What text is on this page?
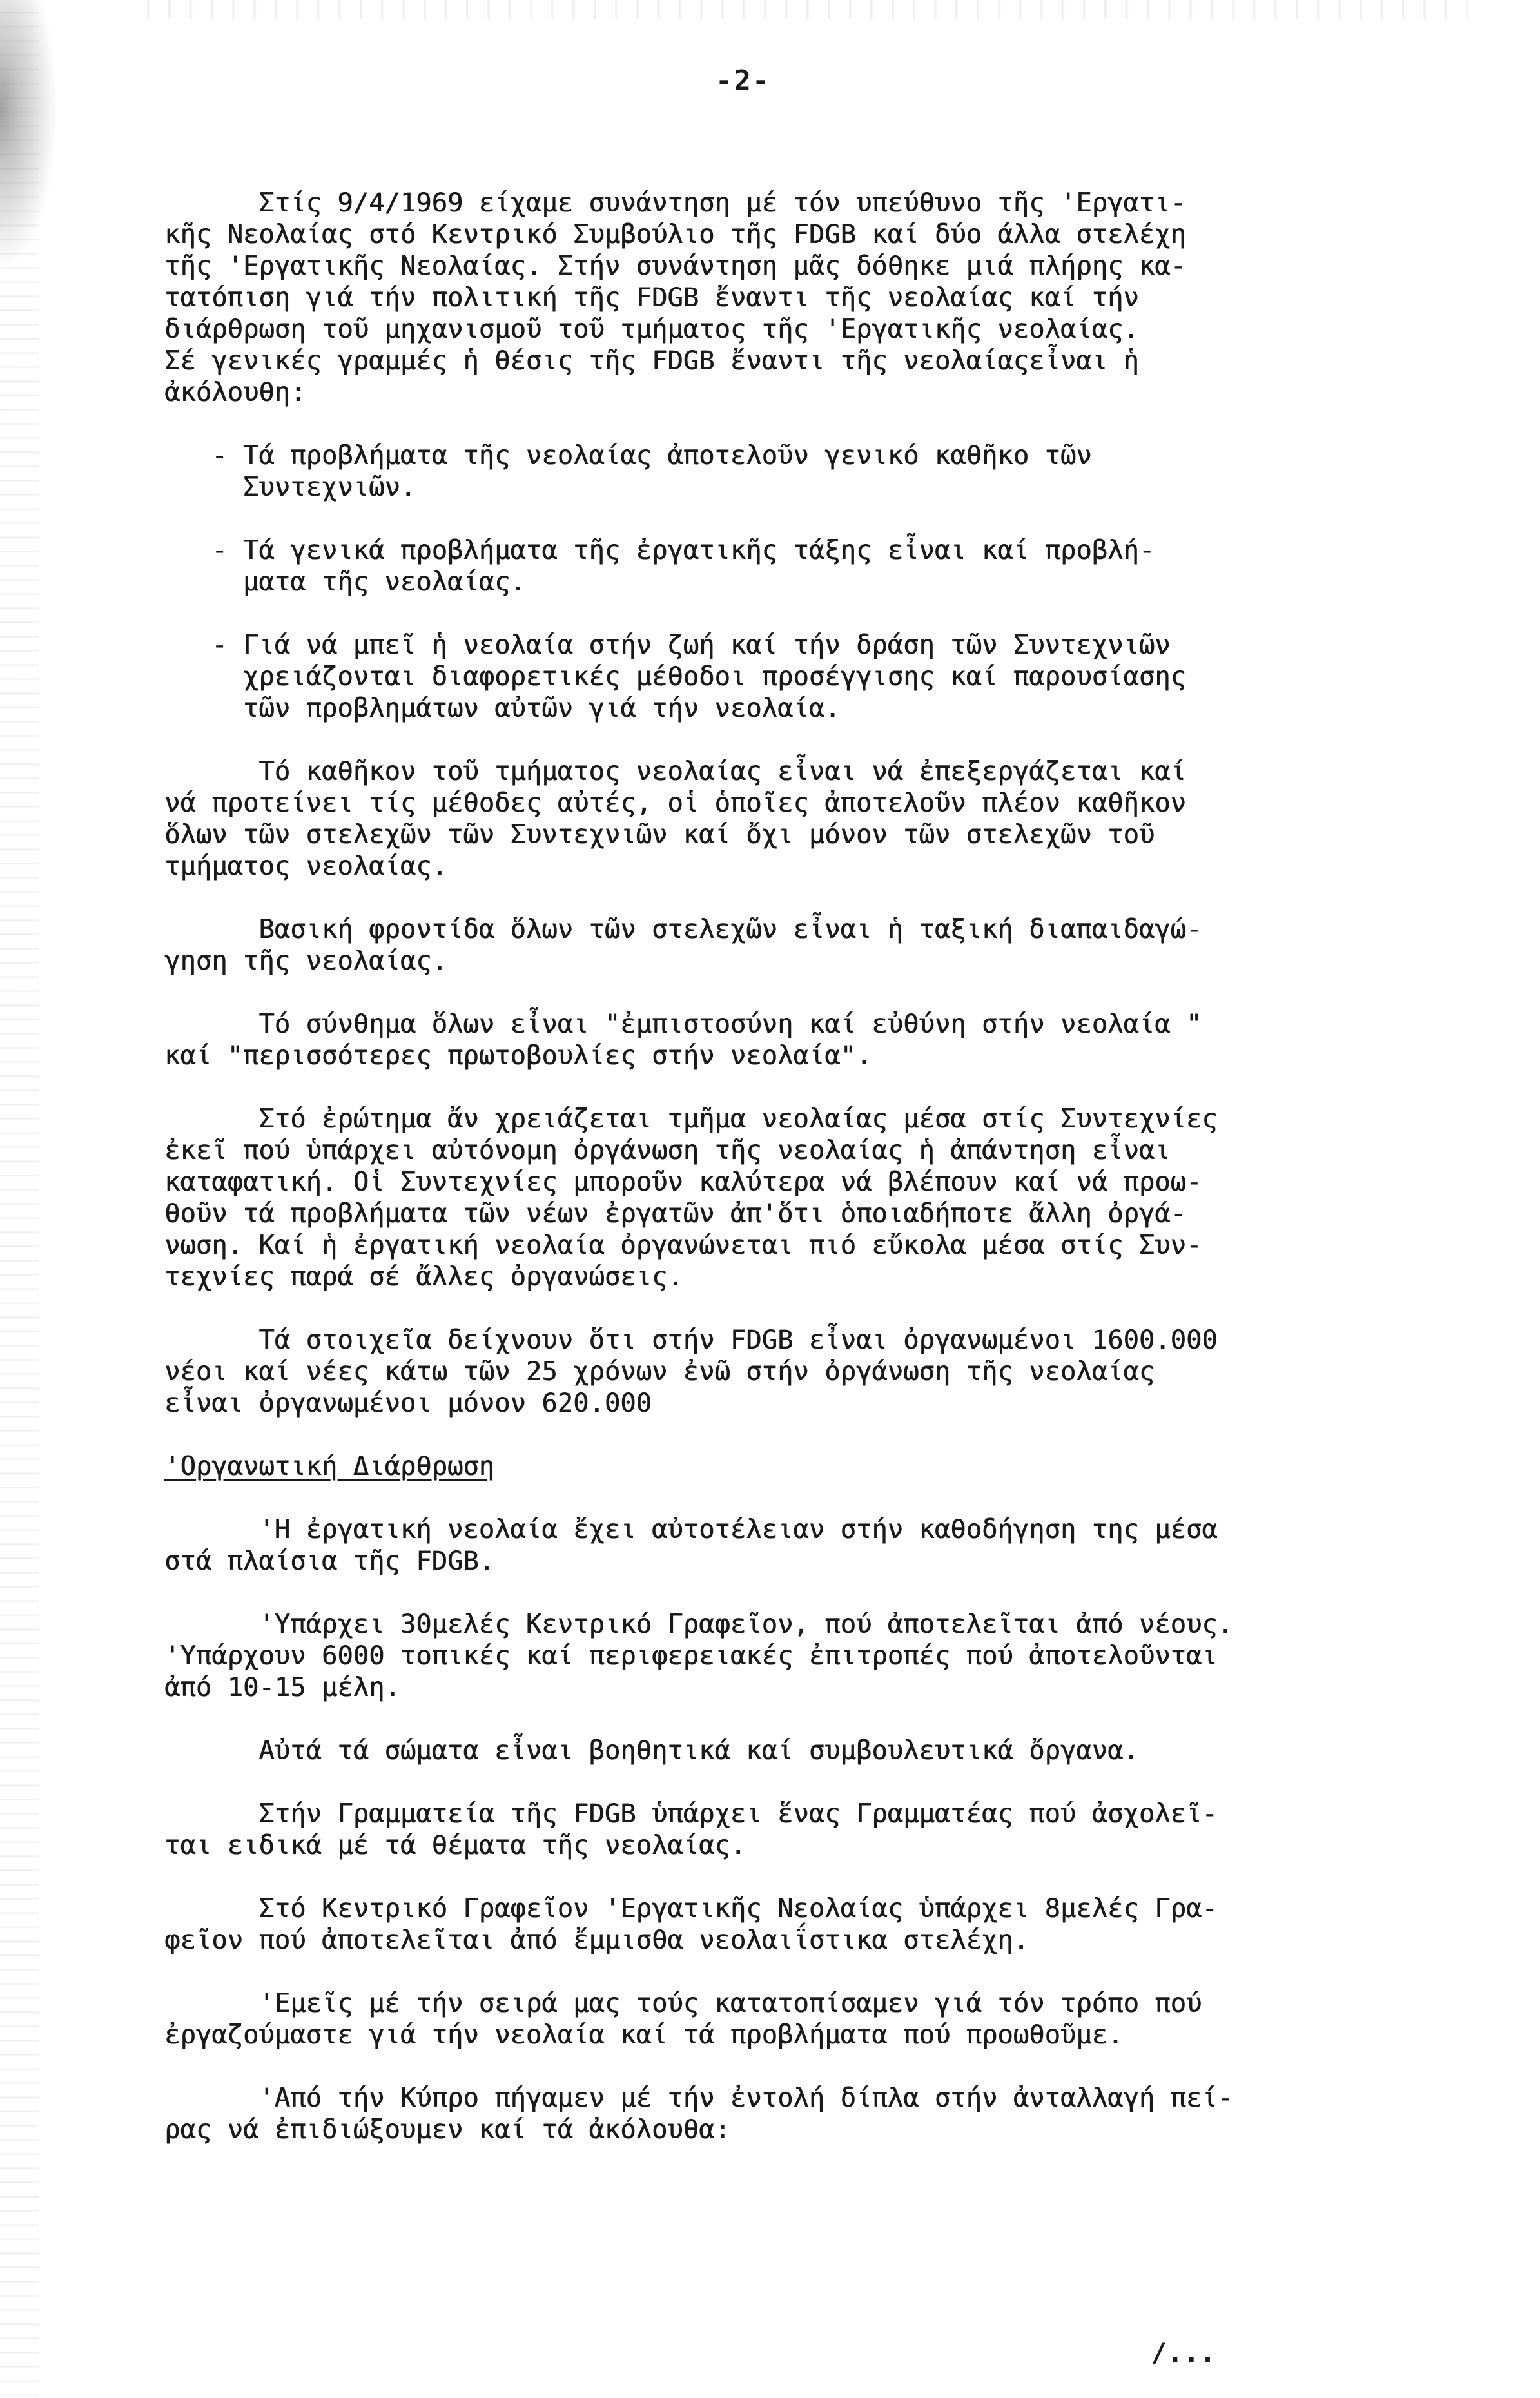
-2-
Στίς 9/4/1969 είχαμε συνάντηση μέ τόν υπεύθυνο τῆς 'Εργατι-
κῆς Νεολαίας στό Κεντρικό Συμβούλιο τῆς FDGB καί δύο άλλα στελέχη
τῆς 'Εργατικῆς Νεολαίας. Στήν συνάντηση μᾶς δόθηκε μιά πλήρης κα-
τατόπιση γιά τήν πολιτική τῆς FDGB ἔναντι τῆς νεολαίας καί τήν
διάρθρωση τοῦ μηχανισμοῦ τοῦ τμήματος τῆς 'Εργατικῆς νεολαίας.
Σέ γενικές γραμμές ἡ θέσις τῆς FDGB ἔναντι τῆς νεολαίαςεἶναι ἡ
ἀκόλουθη:
- Τά προβλήματα τῆς νεολαίας ἀποτελοῦν γενικό καθῆκο τῶν
Συντεχνιῶν.
- Τά γενικά προβλήματα τῆς ἐργατικῆς τάξης εἶναι καί προβλή-
ματα τῆς νεολαίας.
- Γιά νά μπεῖ ἡ νεολαία στήν ζωή καί τήν δράση τῶν Συντεχνιῶν
χρειάζονται διαφορετικές μέθοδοι προσέγγισης καί παρουσίασης
τῶν προβλημάτων αὐτῶν γιά τήν νεολαία.
Τό καθῆκον τοῦ τμήματος νεολαίας εἶναι νά ἐπεξεργάζεται καί
νά προτείνει τίς μέθοδες αὐτές, οἱ ὁποῖες ἀποτελοῦν πλέον καθῆκον
ὅλων τῶν στελεχῶν τῶν Συντεχνιῶν καί ὄχι μόνον τῶν στελεχῶν τοῦ
τμήματος νεολαίας.
Βασική φροντίδα ὅλων τῶν στελεχῶν εἶναι ἡ ταξική διαπαιδαγώ-
γηση τῆς νεολαίας.
Τό σύνθημα ὅλων εἶναι "ἐμπιστοσύνη καί εὐθύνη στήν νεολαία "
καί "περισσότερες πρωτοβουλίες στήν νεολαία".
Στό ἐρώτημα ἄν χρειάζεται τμῆμα νεολαίας μέσα στίς Συντεχνίες
ἐκεῖ πού ὑπάρχει αὐτόνομη ὀργάνωση τῆς νεολαίας ἡ ἀπάντηση εἶναι
καταφατική. Οἱ Συντεχνίες μποροῦν καλύτερα νά βλέπουν καί νά προω-
θοῦν τά προβλήματα τῶν νέων ἐργατῶν ἀπ'ὅτι ὁποιαδήποτε ἄλλη ὀργά-
νωση. Καί ἡ ἐργατική νεολαία ὀργανώνεται πιό εὔκολα μέσα στίς Συν-
τεχνίες παρά σέ ἄλλες ὀργανώσεις.
Τά στοιχεῖα δείχνουν ὅτι στήν FDGB εἶναι ὀργανωμένοι 1600.000
νέοι καί νέες κάτω τῶν 25 χρόνων ἐνῶ στήν ὀργάνωση τῆς νεολαίας
εἶναι ὀργανωμένοι μόνον 620.000
'Οργανωτική Διάρθρωση
'Η ἐργατική νεολαία ἔχει αὐτοτέλειαν στήν καθοδήγηση της μέσα
στά πλαίσια τῆς FDGB.
'Υπάρχει 30μελές Κεντρικό Γραφεῖον, πού ἀποτελεῖται ἀπό νέους.
'Υπάρχουν 6000 τοπικές καί περιφερειακές ἐπιτροπές πού ἀποτελοῦνται
ἀπό 10-15 μέλη.
Αὐτά τά σώματα εἶναι βοηθητικά καί συμβουλευτικά ὄργανα.
Στήν Γραμματεία τῆς FDGB ὑπάρχει ἕνας Γραμματέας πού ἀσχολεῖ-
ται ειδικά μέ τά θέματα τῆς νεολαίας.
Στό Κεντρικό Γραφεῖον 'Εργατικῆς Νεολαίας ὑπάρχει 8μελές Γρα-
φεῖον πού ἀποτελεῖται ἀπό ἔμμισθα νεολαιΐστικα στελέχη.
'Εμεῖς μέ τήν σειρά μας τούς κατατοπίσαμεν γιά τόν τρόπο πού
ἐργαζούμαστε γιά τήν νεολαία καί τά προβλήματα πού προωθοῦμε.
'Από τήν Κύπρο πήγαμεν μέ τήν ἐντολή δίπλα στήν ἀνταλλαγή πεί-
ρας νά ἐπιδιώξουμεν καί τά ἀκόλουθα:
/...
